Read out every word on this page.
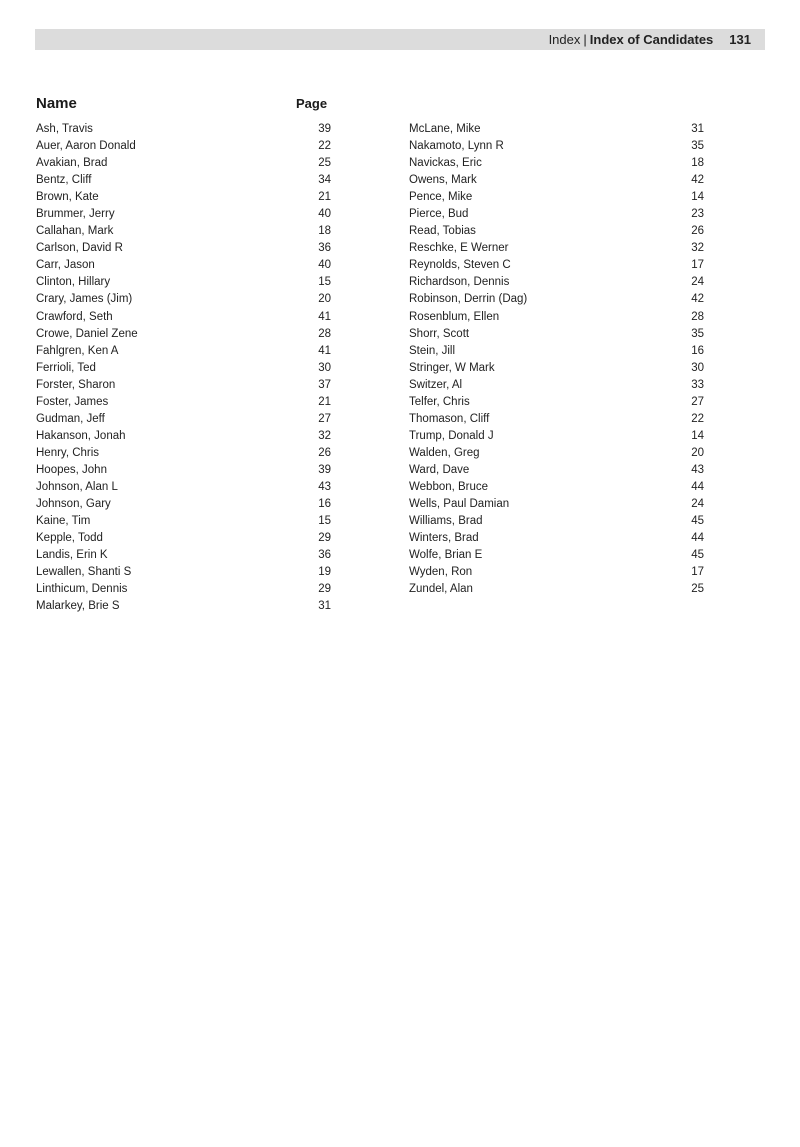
Index | Index of Candidates 131
Name	Page
Ash, Travis	39
Auer, Aaron Donald	22
Avakian, Brad	25
Bentz, Cliff	34
Brown, Kate	21
Brummer, Jerry	40
Callahan, Mark	18
Carlson, David R	36
Carr, Jason	40
Clinton, Hillary	15
Crary, James (Jim)	20
Crawford, Seth	41
Crowe, Daniel Zene	28
Fahlgren, Ken A	41
Ferrioli, Ted	30
Forster, Sharon	37
Foster, James	21
Gudman, Jeff	27
Hakanson, Jonah	32
Henry, Chris	26
Hoopes, John	39
Johnson, Alan L	43
Johnson, Gary	16
Kaine, Tim	15
Kepple, Todd	29
Landis, Erin K	36
Lewallen, Shanti S	19
Linthicum, Dennis	29
Malarkey, Brie S	31
McLane, Mike	31
Nakamoto, Lynn R	35
Navickas, Eric	18
Owens, Mark	42
Pence, Mike	14
Pierce, Bud	23
Read, Tobias	26
Reschke, E Werner	32
Reynolds, Steven C	17
Richardson, Dennis	24
Robinson, Derrin (Dag)	42
Rosenblum, Ellen	28
Shorr, Scott	35
Stein, Jill	16
Stringer, W Mark	30
Switzer, Al	33
Telfer, Chris	27
Thomason, Cliff	22
Trump, Donald J	14
Walden, Greg	20
Ward, Dave	43
Webbon, Bruce	44
Wells, Paul Damian	24
Williams, Brad	45
Winters, Brad	44
Wolfe, Brian E	45
Wyden, Ron	17
Zundel, Alan	25
